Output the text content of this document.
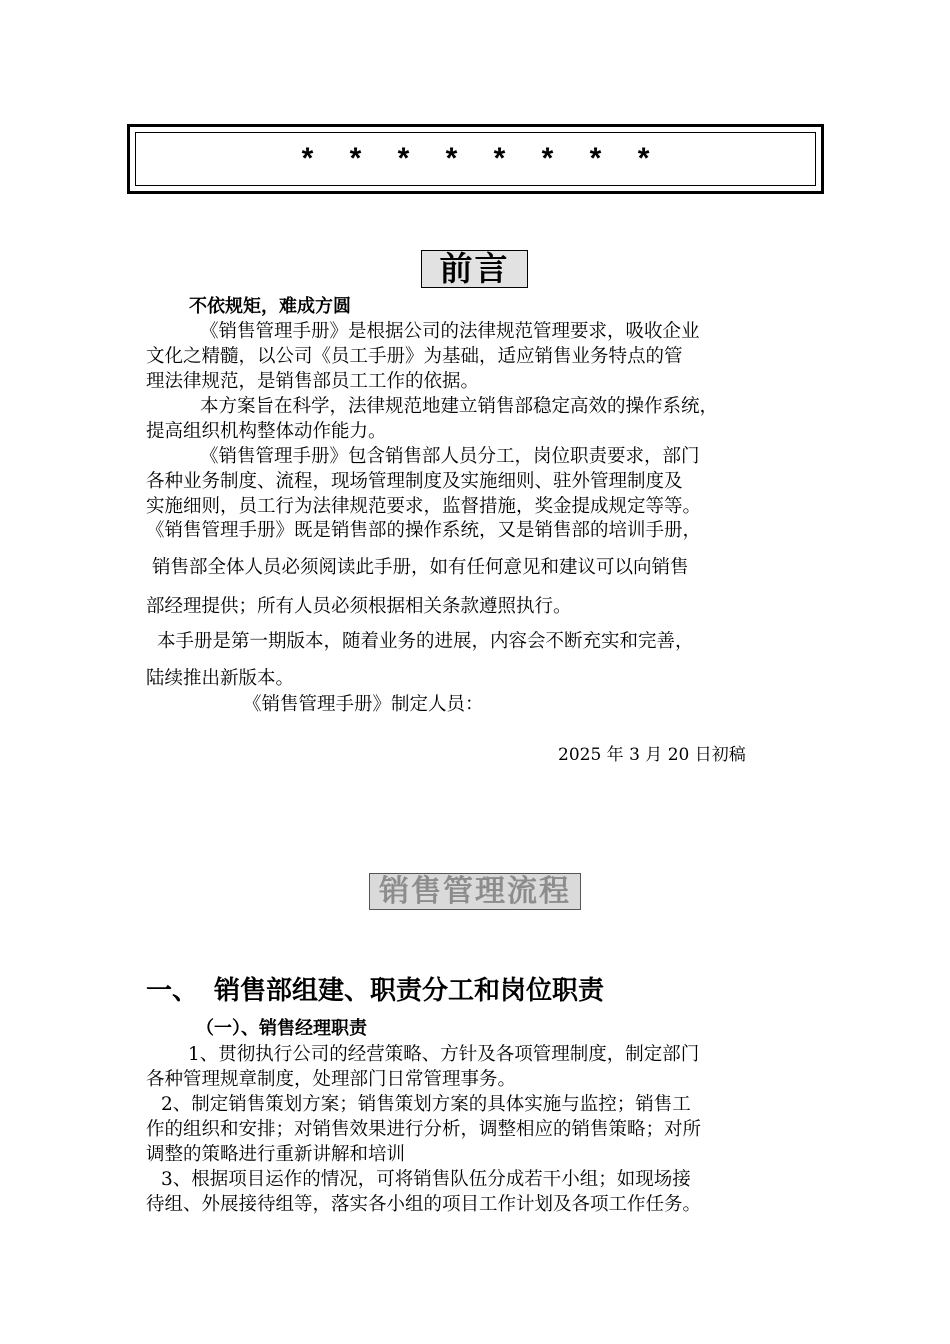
* * * * * * * *
前言
不依规矩，难成方圆
《销售管理手册》是根据公司的法律规范管理要求，吸收企业
文化之精髓，以公司《员工手册》为基础，适应销售业务特点的管
理法律规范，是销售部员工工作的依据。
本方案旨在科学，法律规范地建立销售部稳定高效的操作系统，
提高组织机构整体动作能力。
《销售管理手册》包含销售部人员分工，岗位职责要求，部门
各种业务制度、流程，现场管理制度及实施细则、驻外管理制度及
实施细则，员工行为法律规范要求，监督措施，奖金提成规定等等。
《销售管理手册》既是销售部的操作系统，又是销售部的培训手册，
销售部全体人员必须阅读此手册，如有任何意见和建议可以向销售
部经理提供；所有人员必须根据相关条款遵照执行。
本手册是第一期版本，随着业务的进展，内容会不断充实和完善，
陆续推出新版本。
《销售管理手册》制定人员：
2025 年 3 月 20 日初稿
销售管理流程
一、 销售部组建、职责分工和岗位职责
（一）、销售经理职责
1、贯彻执行公司的经营策略、方针及各项管理制度，制定部门
各种管理规章制度，处理部门日常管理事务。
2、制定销售策划方案；销售策划方案的具体实施与监控；销售工
作的组织和安排；对销售效果进行分析，调整相应的销售策略；对所
调整的策略进行重新讲解和培训
3、根据项目运作的情况，可将销售队伍分成若干小组；如现场接
待组、外展接待组等，落实各小组的项目工作计划及各项工作任务。
